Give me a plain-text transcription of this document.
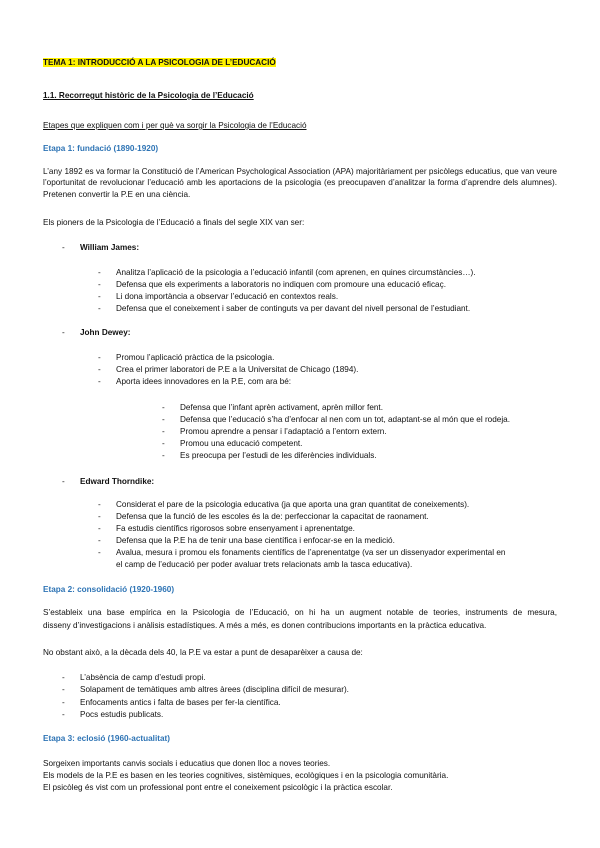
TEMA 1: INTRODUCCIÓ A LA PSICOLOGIA DE L’EDUCACIÓ
1.1. Recorregut històric de la Psicologia de l’Educació
Etapes que expliquen com i per què va sorgir la Psicologia de l’Educació
Etapa 1: fundació (1890-1920)
L’any 1892 es va formar la Constitució de l’American Psychological Association (APA) majoritàriament per psicòlegs educatius, que van veure l’oportunitat de revolucionar l’educació amb les aportacions de la psicologia (es preocupaven d’analitzar la forma d’aprendre dels alumnes). Pretenen convertir la P.E en una ciència.
Els pioners de la Psicologia de l’Educació a finals del segle XIX van ser:
- William James:
- Analitza l’aplicació de la psicologia a l’educació infantil (com aprenen, en quines circumstàncies…).
- Defensa que els experiments a laboratoris no indiquen com promoure una educació eficaç.
- Li dona importància a observar l’educació en contextos reals.
- Defensa que el coneixement i saber de continguts va per davant del nivell personal de l’estudiant.
- John Dewey:
- Promou l’aplicació pràctica de la psicologia.
- Crea el primer laboratori de P.E a la Universitat de Chicago (1894).
- Aporta idees innovadores en la P.E, com ara bé:
- Defensa que l’infant aprèn activament, aprèn millor fent.
- Defensa que l’educació s’ha d’enfocar al nen com un tot, adaptant-se al món que el rodeja.
- Promou aprendre a pensar i l’adaptació a l’entorn extern.
- Promou una educació competent.
- Es preocupa per l’estudi de les diferències individuals.
- Edward Thorndike:
- Considerat el pare de la psicologia educativa (ja que aporta una gran quantitat de coneixements).
- Defensa que la funció de les escoles és la de: perfeccionar la capacitat de raonament.
- Fa estudis científics rigorosos sobre ensenyament i aprenentatge.
- Defensa que la P.E ha de tenir una base científica i enfocar-se en la medició.
- Avalua, mesura i promou els fonaments científics de l’aprenentatge (va ser un dissenyador experimental en
el camp de l’educació per poder avaluar trets relacionats amb la tasca educativa).
Etapa 2: consolidació (1920-1960)
S’estableix una base empírica en la Psicologia de l’Educació, on hi ha un augment notable de teories, instruments de mesura,
disseny d’investigacions i anàlisis estadístiques. A més a més, es donen contribucions importants en la pràctica educativa.
No obstant això, a la dècada dels 40, la P.E va estar a punt de desaparèixer a causa de:
- L’absència de camp d’estudi propi.
- Solapament de temàtiques amb altres àrees (disciplina difícil de mesurar).
- Enfocaments antics i falta de bases per fer-la científica.
- Pocs estudis publicats.
Etapa 3: eclosió (1960-actualitat)
Sorgeixen importants canvis socials i educatius que donen lloc a noves teories.
Els models de la P.E es basen en les teories cognitives, sistèmiques, ecològiques i en la psicologia comunitària.
El psicòleg és vist com un professional pont entre el coneixement psicològic i la pràctica escolar.
